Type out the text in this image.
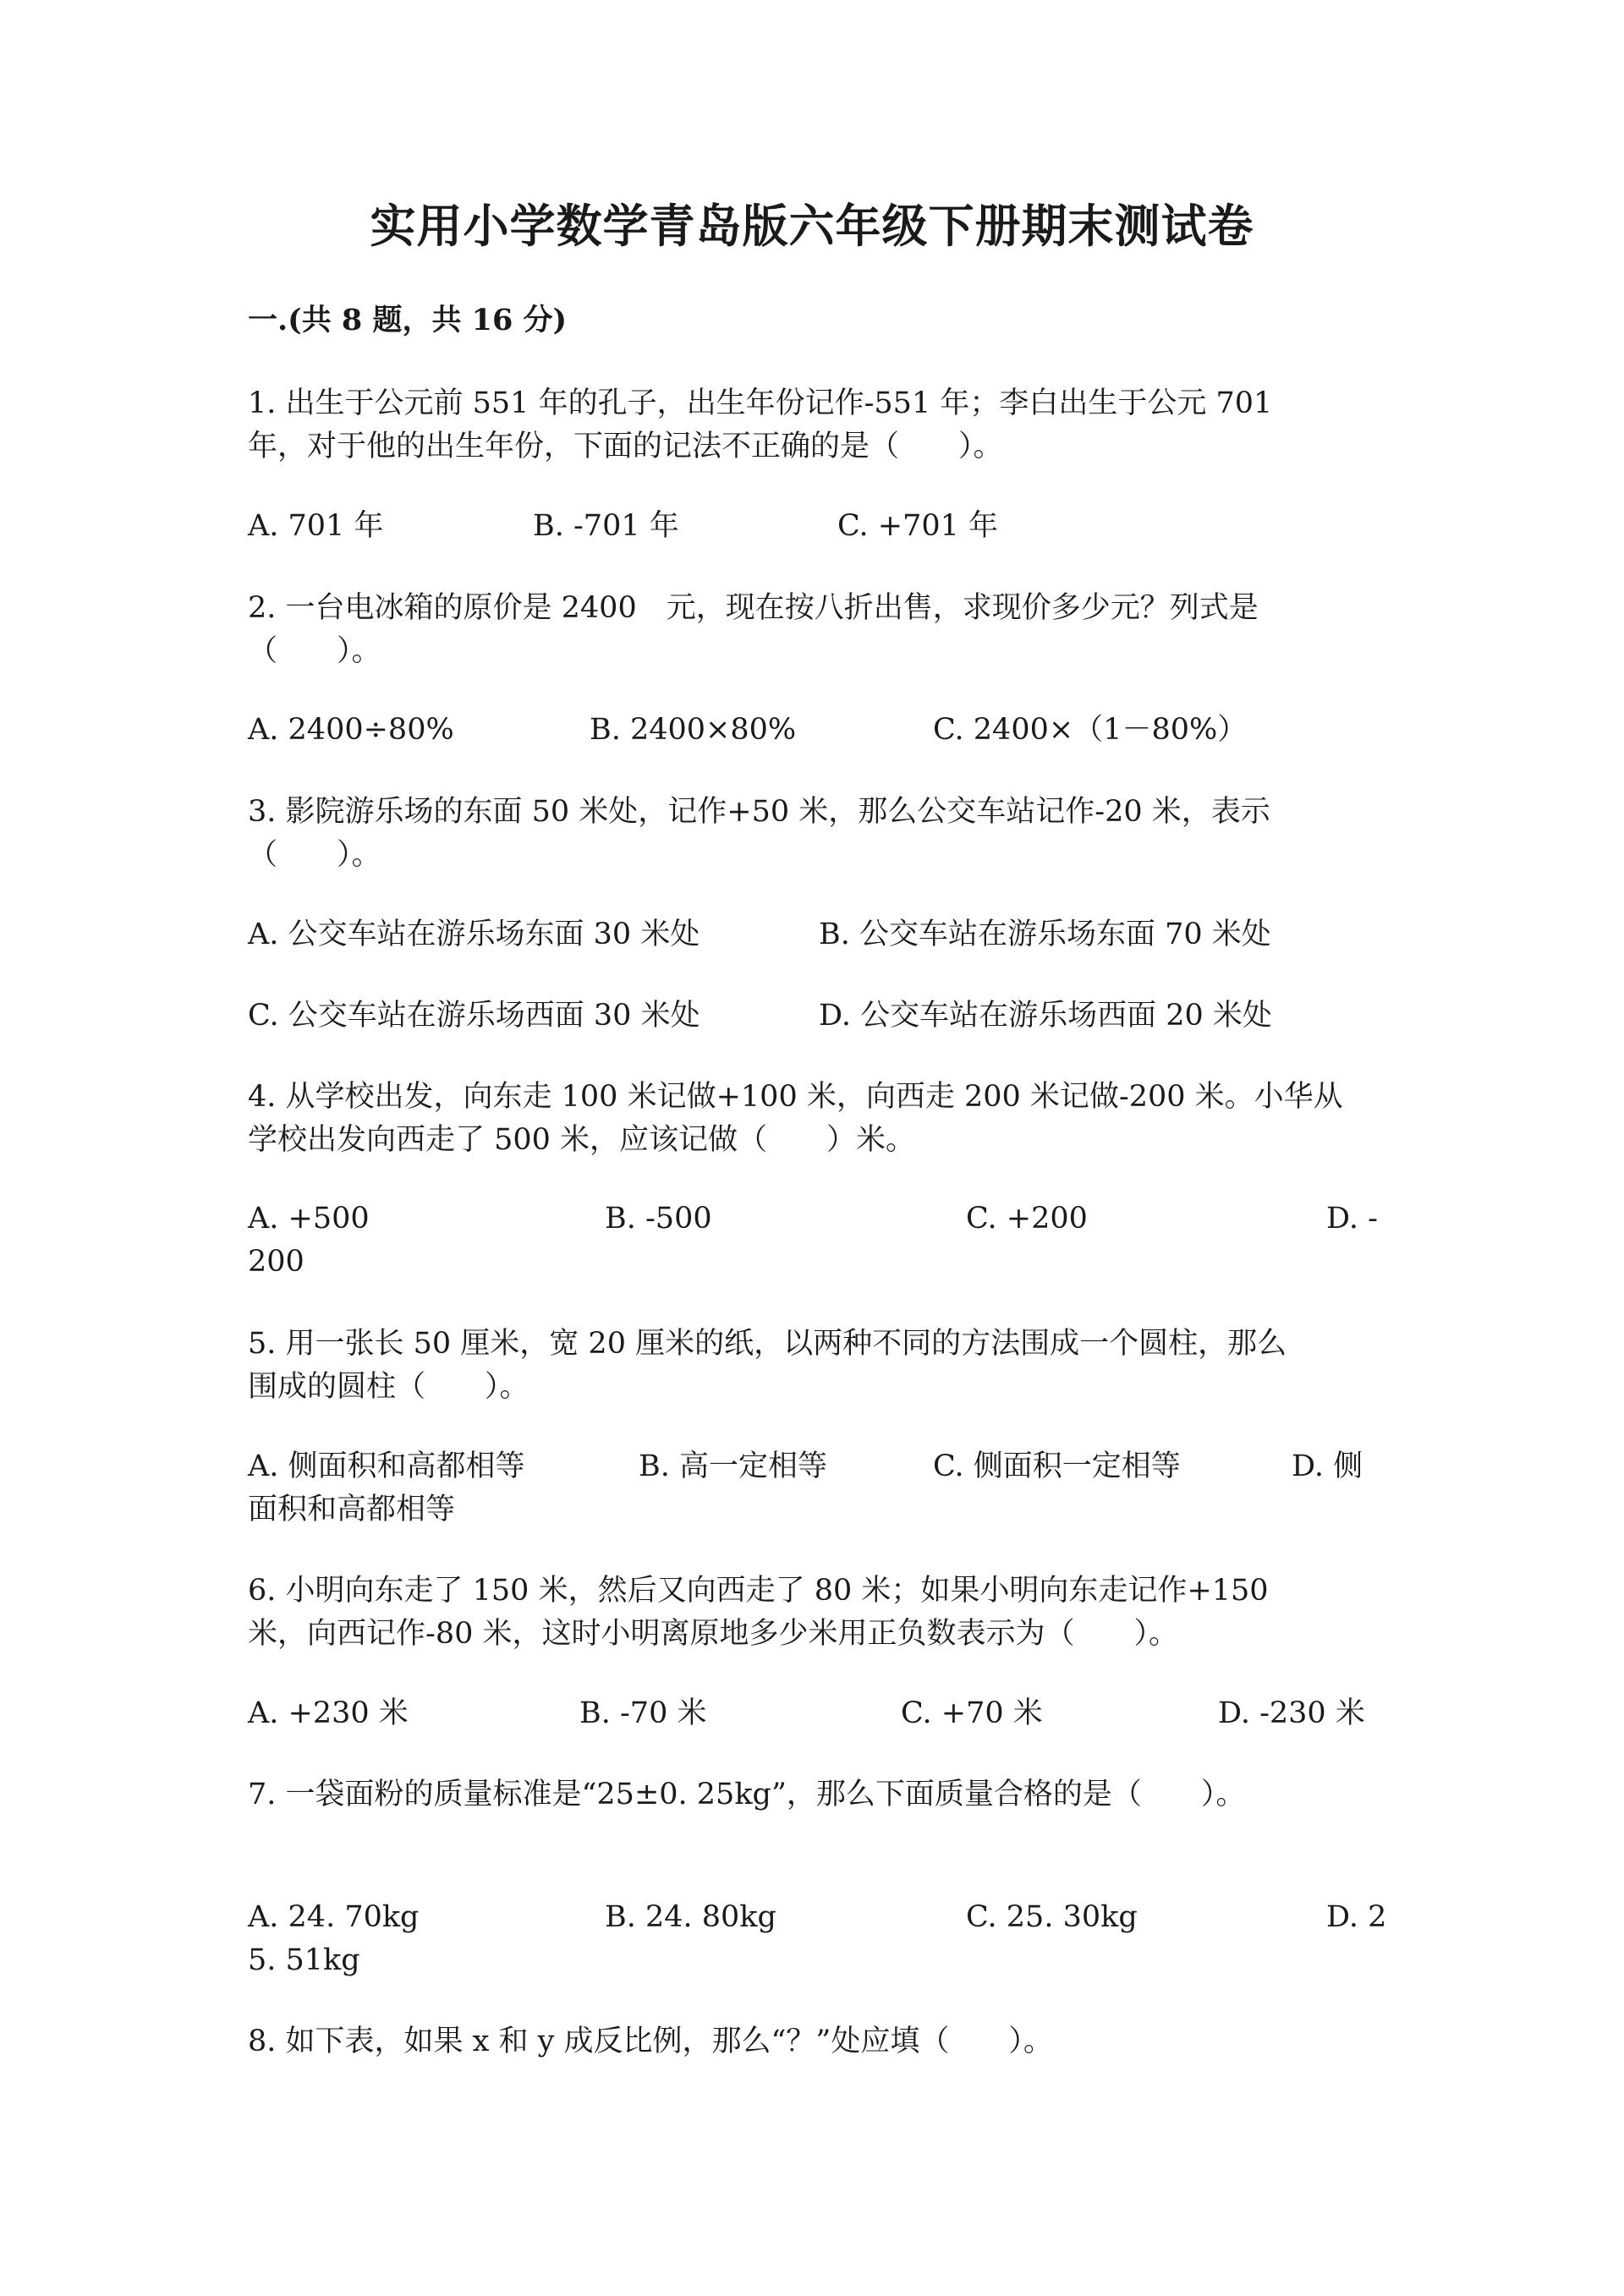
实用小学数学青岛版六年级下册期末测试卷
一.(共 8 题，共 16 分)
1. 出生于公元前 551 年的孔子，出生年份记作-551 年；李白出生于公元 701
年，对于他的出生年份，下面的记法不正确的是（　　）。
A. 701 年	B. -701 年	C. +701 年
2. 一台电冰箱的原价是 2400　元，现在按八折出售，求现价多少元？列式是
（　　）。
A. 2400÷80%	B. 2400×80%	C. 2400×（1－80%）
3. 影院游乐场的东面 50 米处，记作+50 米，那么公交车站记作-20 米，表示
（　　）。
A. 公交车站在游乐场东面 30 米处	B. 公交车站在游乐场东面 70 米处
C. 公交车站在游乐场西面 30 米处	D. 公交车站在游乐场西面 20 米处
4. 从学校出发，向东走 100 米记做+100 米，向西走 200 米记做-200 米。小华从
学校出发向西走了 500 米，应该记做（　　）米。
A. +500	B. -500	C. +200	D. -
200
5. 用一张长 50 厘米，宽 20 厘米的纸，以两种不同的方法围成一个圆柱，那么
围成的圆柱（　　）。
A. 侧面积和高都相等	B. 高一定相等	C. 侧面积一定相等	D. 侧
面积和高都相等
6. 小明向东走了 150 米，然后又向西走了 80 米；如果小明向东走记作+150
米，向西记作-80 米，这时小明离原地多少米用正负数表示为（　　）。
A. +230 米	B. -70 米	C. +70 米	D. -230 米
7. 一袋面粉的质量标准是“25±0. 25kg”，那么下面质量合格的是（　　）。
A. 24. 70kg	B. 24. 80kg	C. 25. 30kg	D. 2
5. 51kg
8. 如下表，如果 x 和 y 成反比例，那么“？”处应填（　　）。
